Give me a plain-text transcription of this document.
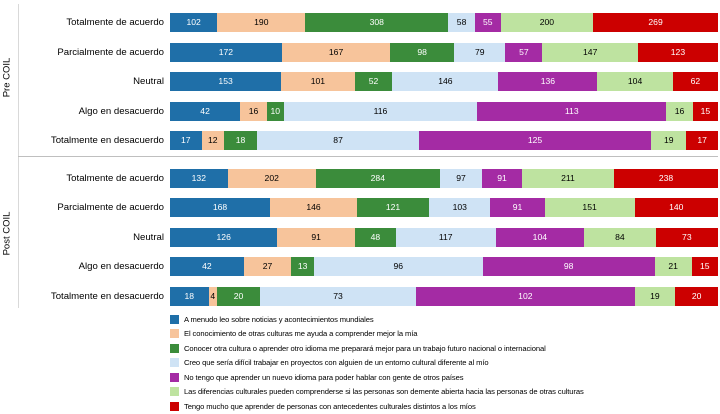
Pre COIL
Post COIL
Totalmente de acuerdo	102	190	308	58	55	200	269
Parcialmente de acuerdo	172	167	98	79	57	147	123
Neutral	153	101	52	146	136	104	62
Algo en desacuerdo	42	16	10	116	113	16	15
Totalmente en desacuerdo	17	12	18	87	125	19	17
Totalmente de acuerdo	132	202	284	97	91	211	238
Parcialmente de acuerdo	168	146	121	103	91	151	140
Neutral	126	91	48	117	104	84	73
Algo en desacuerdo	42	27	13	96	98	21	15
Totalmente en desacuerdo	18	4	20	73	102	19	20
A menudo leo sobre noticias y acontecimientos mundiales
El conocimiento de otras culturas me ayuda a comprender mejor la mía
Conocer otra cultura o aprender otro idioma me preparará mejor para un trabajo futuro nacional o internacional
Creo que sería difícil trabajar en proyectos con alguien de un entorno cultural diferente al mío
No tengo que aprender un nuevo idioma para poder hablar con gente de otros países
Las diferencias culturales pueden comprenderse si las personas son demente abierta hacia las personas de otras culturas
Tengo mucho que aprender de personas con antecedentes culturales distintos a los míos
